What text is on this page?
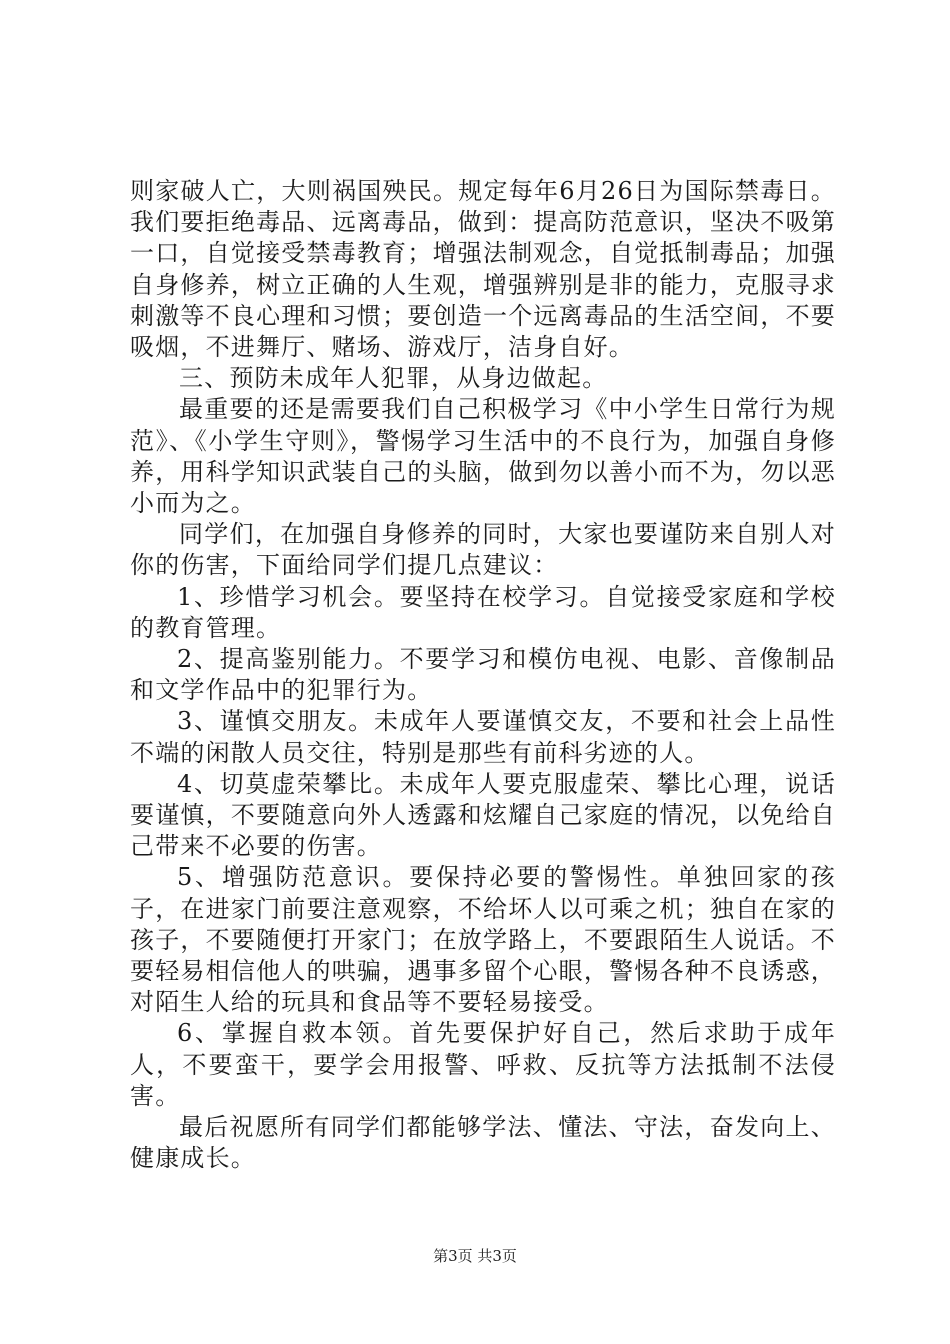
则家破人亡，大则祸国殃民。规定每年6月26日为国际禁毒日。我们要拒绝毒品、远离毒品，做到：提高防范意识，坚决不吸第一口，自觉接受禁毒教育；增强法制观念，自觉抵制毒品；加强自身修养，树立正确的人生观，增强辨别是非的能力，克服寻求刺激等不良心理和习惯；要创造一个远离毒品的生活空间，不要吸烟，不进舞厅、赌场、游戏厅，洁身自好。

三、预防未成年人犯罪，从身边做起。

最重要的还是需要我们自己积极学习《中小学生日常行为规范》、《小学生守则》，警惕学习生活中的不良行为，加强自身修养，用科学知识武装自己的头脑，做到勿以善小而不为，勿以恶小而为之。

同学们，在加强自身修养的同时，大家也要谨防来自别人对你的伤害，下面给同学们提几点建议：

1、珍惜学习机会。要坚持在校学习。自觉接受家庭和学校的教育管理。

2、提高鉴别能力。不要学习和模仿电视、电影、音像制品和文学作品中的犯罪行为。

3、谨慎交朋友。未成年人要谨慎交友，不要和社会上品性不端的闲散人员交往，特别是那些有前科劣迹的人。

4、切莫虚荣攀比。未成年人要克服虚荣、攀比心理，说话要谨慎，不要随意向外人透露和炫耀自己家庭的情况，以免给自己带来不必要的伤害。

5、增强防范意识。要保持必要的警惕性。单独回家的孩子，在进家门前要注意观察，不给坏人以可乘之机；独自在家的孩子，不要随便打开家门；在放学路上，不要跟陌生人说话。不要轻易相信他人的哄骗，遇事多留个心眼，警惕各种不良诱惑，对陌生人给的玩具和食品等不要轻易接受。

6、掌握自救本领。首先要保护好自己，然后求助于成年人，不要蛮干，要学会用报警、呼救、反抗等方法抵制不法侵害。

最后祝愿所有同学们都能够学法、懂法、守法，奋发向上、健康成长。

第3页 共3页
